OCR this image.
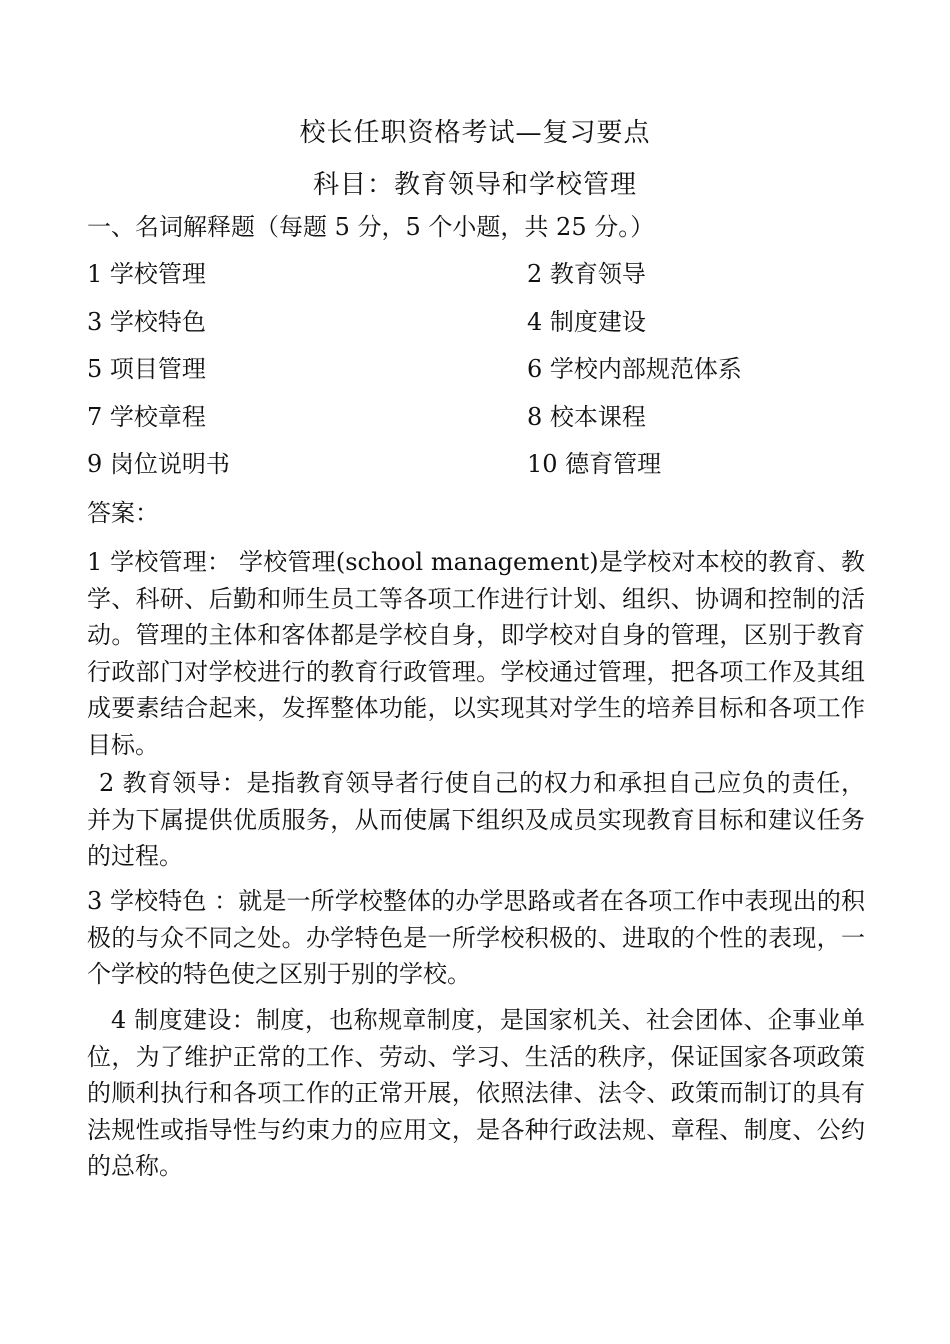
校长任职资格考试—复习要点
科目：教育领导和学校管理
一、名词解释题（每题 5 分，5 个小题，共 25 分。）
1 学校管理	2 教育领导
3 学校特色	4 制度建设
5 项目管理	6 学校内部规范体系
7 学校章程	8 校本课程
9 岗位说明书	10 德育管理
答案：
1 学校管理： 学校管理(school management)是学校对本校的教育、教学、科研、后勤和师生员工等各项工作进行计划、组织、协调和控制的活动。管理的主体和客体都是学校自身，即学校对自身的管理，区别于教育行政部门对学校进行的教育行政管理。学校通过管理，把各项工作及其组成要素结合起来，发挥整体功能，以实现其对学生的培养目标和各项工作目标。
2 教育领导：是指教育领导者行使自己的权力和承担自己应负的责任，并为下属提供优质服务，从而使属下组织及成员实现教育目标和建议任务的过程。
3 学校特色 ：就是一所学校整体的办学思路或者在各项工作中表现出的积极的与众不同之处。办学特色是一所学校积极的、进取的个性的表现，一个学校的特色使之区别于别的学校。
4 制度建设：制度，也称规章制度，是国家机关、社会团体、企事业单位，为了维护正常的工作、劳动、学习、生活的秩序，保证国家各项政策的顺利执行和各项工作的正常开展，依照法律、法令、政策而制订的具有法规性或指导性与约束力的应用文，是各种行政法规、章程、制度、公约的总称。
